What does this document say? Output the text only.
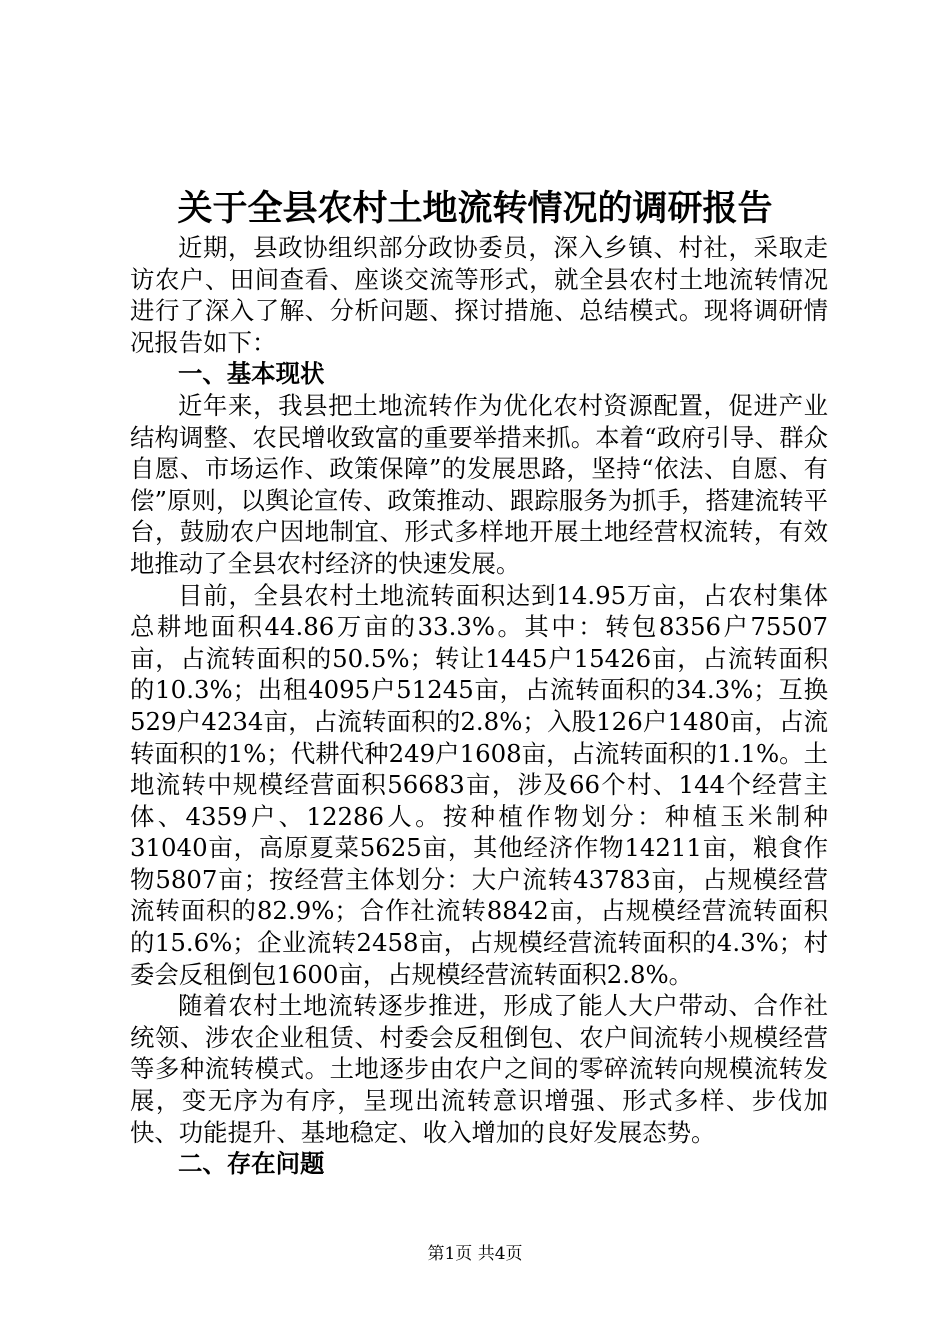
关于全县农村土地流转情况的调研报告

近期，县政协组织部分政协委员，深入乡镇、村社，采取走访农户、田间查看、座谈交流等形式，就全县农村土地流转情况进行了深入了解、分析问题、探讨措施、总结模式。现将调研情况报告如下：

一、基本现状

近年来，我县把土地流转作为优化农村资源配置，促进产业结构调整、农民增收致富的重要举措来抓。本着“政府引导、群众自愿、市场运作、政策保障”的发展思路，坚持“依法、自愿、有偿”原则，以舆论宣传、政策推动、跟踪服务为抓手，搭建流转平台，鼓励农户因地制宜、形式多样地开展土地经营权流转，有效地推动了全县农村经济的快速发展。

目前，全县农村土地流转面积达到14.95万亩，占农村集体总耕地面积44.86万亩的33.3%。其中：转包8356户75507亩，占流转面积的50.5%；转让1445户15426亩，占流转面积的10.3%；出租4095户51245亩，占流转面积的34.3%；互换529户4234亩，占流转面积的2.8%；入股126户1480亩，占流转面积的1%；代耕代种249户1608亩，占流转面积的1.1%。土地流转中规模经营面积56683亩，涉及66个村、144个经营主体、4359户、12286人。按种植作物划分：种植玉米制种31040亩，高原夏菜5625亩，其他经济作物14211亩，粮食作物5807亩；按经营主体划分：大户流转43783亩，占规模经营流转面积的82.9%；合作社流转8842亩，占规模经营流转面积的15.6%；企业流转2458亩，占规模经营流转面积的4.3%；村委会反租倒包1600亩，占规模经营流转面积2.8%。

随着农村土地流转逐步推进，形成了能人大户带动、合作社统领、涉农企业租赁、村委会反租倒包、农户间流转小规模经营等多种流转模式。土地逐步由农户之间的零碎流转向规模流转发展，变无序为有序，呈现出流转意识增强、形式多样、步伐加快、功能提升、基地稳定、收入增加的良好发展态势。

二、存在问题
第1页 共4页
